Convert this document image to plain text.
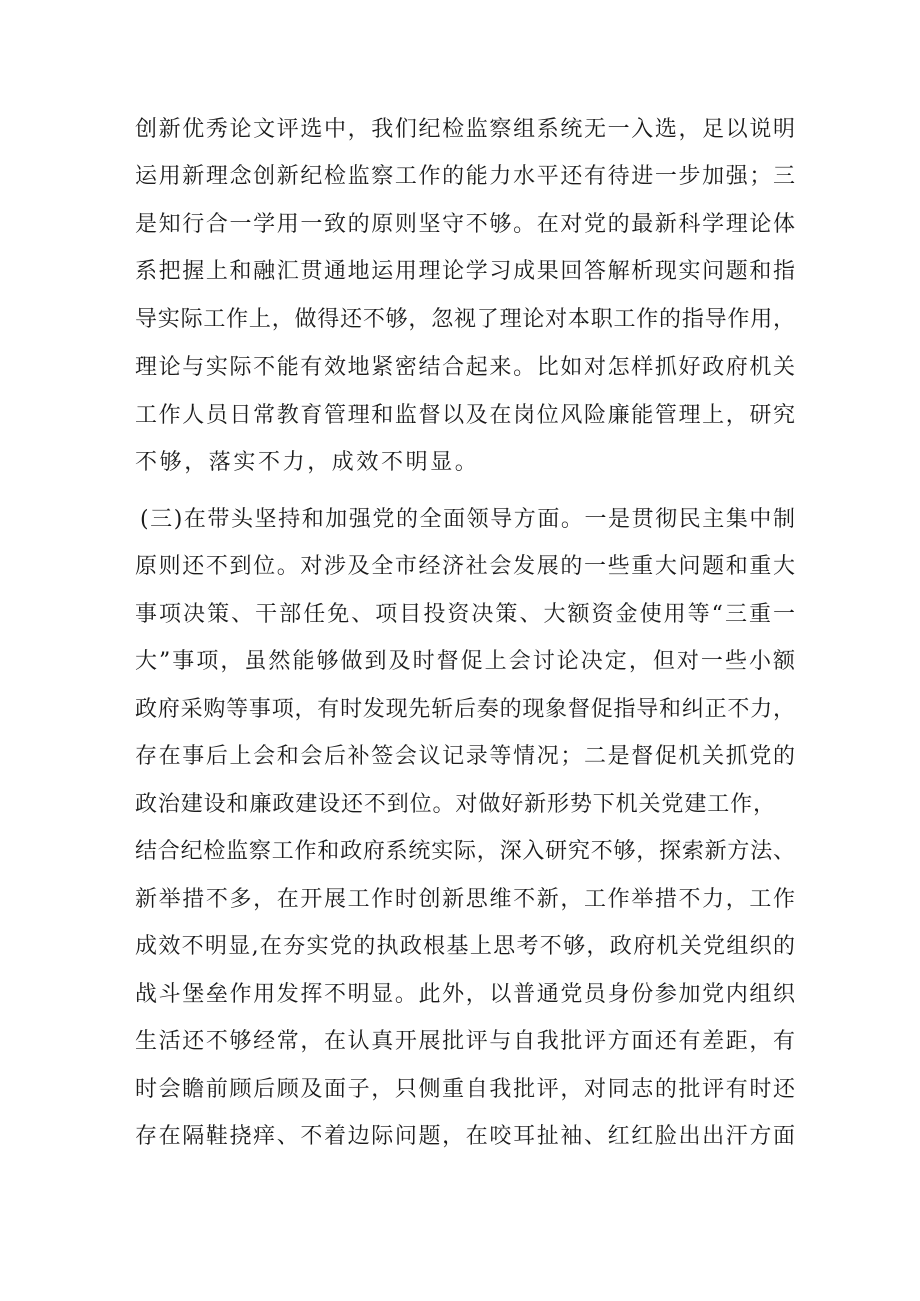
创新优秀论文评选中，我们纪检监察组系统无一入选，足以说明
运用新理念创新纪检监察工作的能力水平还有待进一步加强；三
是知行合一学用一致的原则坚守不够。在对党的最新科学理论体
系把握上和融汇贯通地运用理论学习成果回答解析现实问题和指
导实际工作上，做得还不够，忽视了理论对本职工作的指导作用，
理论与实际不能有效地紧密结合起来。比如对怎样抓好政府机关
工作人员日常教育管理和监督以及在岗位风险廉能管理上，研究
不够，落实不力，成效不明显。
(三)在带头坚持和加强党的全面领导方面。一是贯彻民主集中制
原则还不到位。对涉及全市经济社会发展的一些重大问题和重大
事项决策、干部任免、项目投资决策、大额资金使用等“三重一
大”事项，虽然能够做到及时督促上会讨论决定，但对一些小额
政府采购等事项，有时发现先斩后奏的现象督促指导和纠正不力，
存在事后上会和会后补签会议记录等情况；二是督促机关抓党的
政治建设和廉政建设还不到位。对做好新形势下机关党建工作，
结合纪检监察工作和政府系统实际，深入研究不够，探索新方法、
新举措不多，在开展工作时创新思维不新，工作举措不力，工作
成效不明显,在夯实党的执政根基上思考不够，政府机关党组织的
战斗堡垒作用发挥不明显。此外，以普通党员身份参加党内组织
生活还不够经常，在认真开展批评与自我批评方面还有差距，有
时会瞻前顾后顾及面子，只侧重自我批评，对同志的批评有时还
存在隔鞋挠痒、不着边际问题，在咬耳扯袖、红红脸出出汗方面
